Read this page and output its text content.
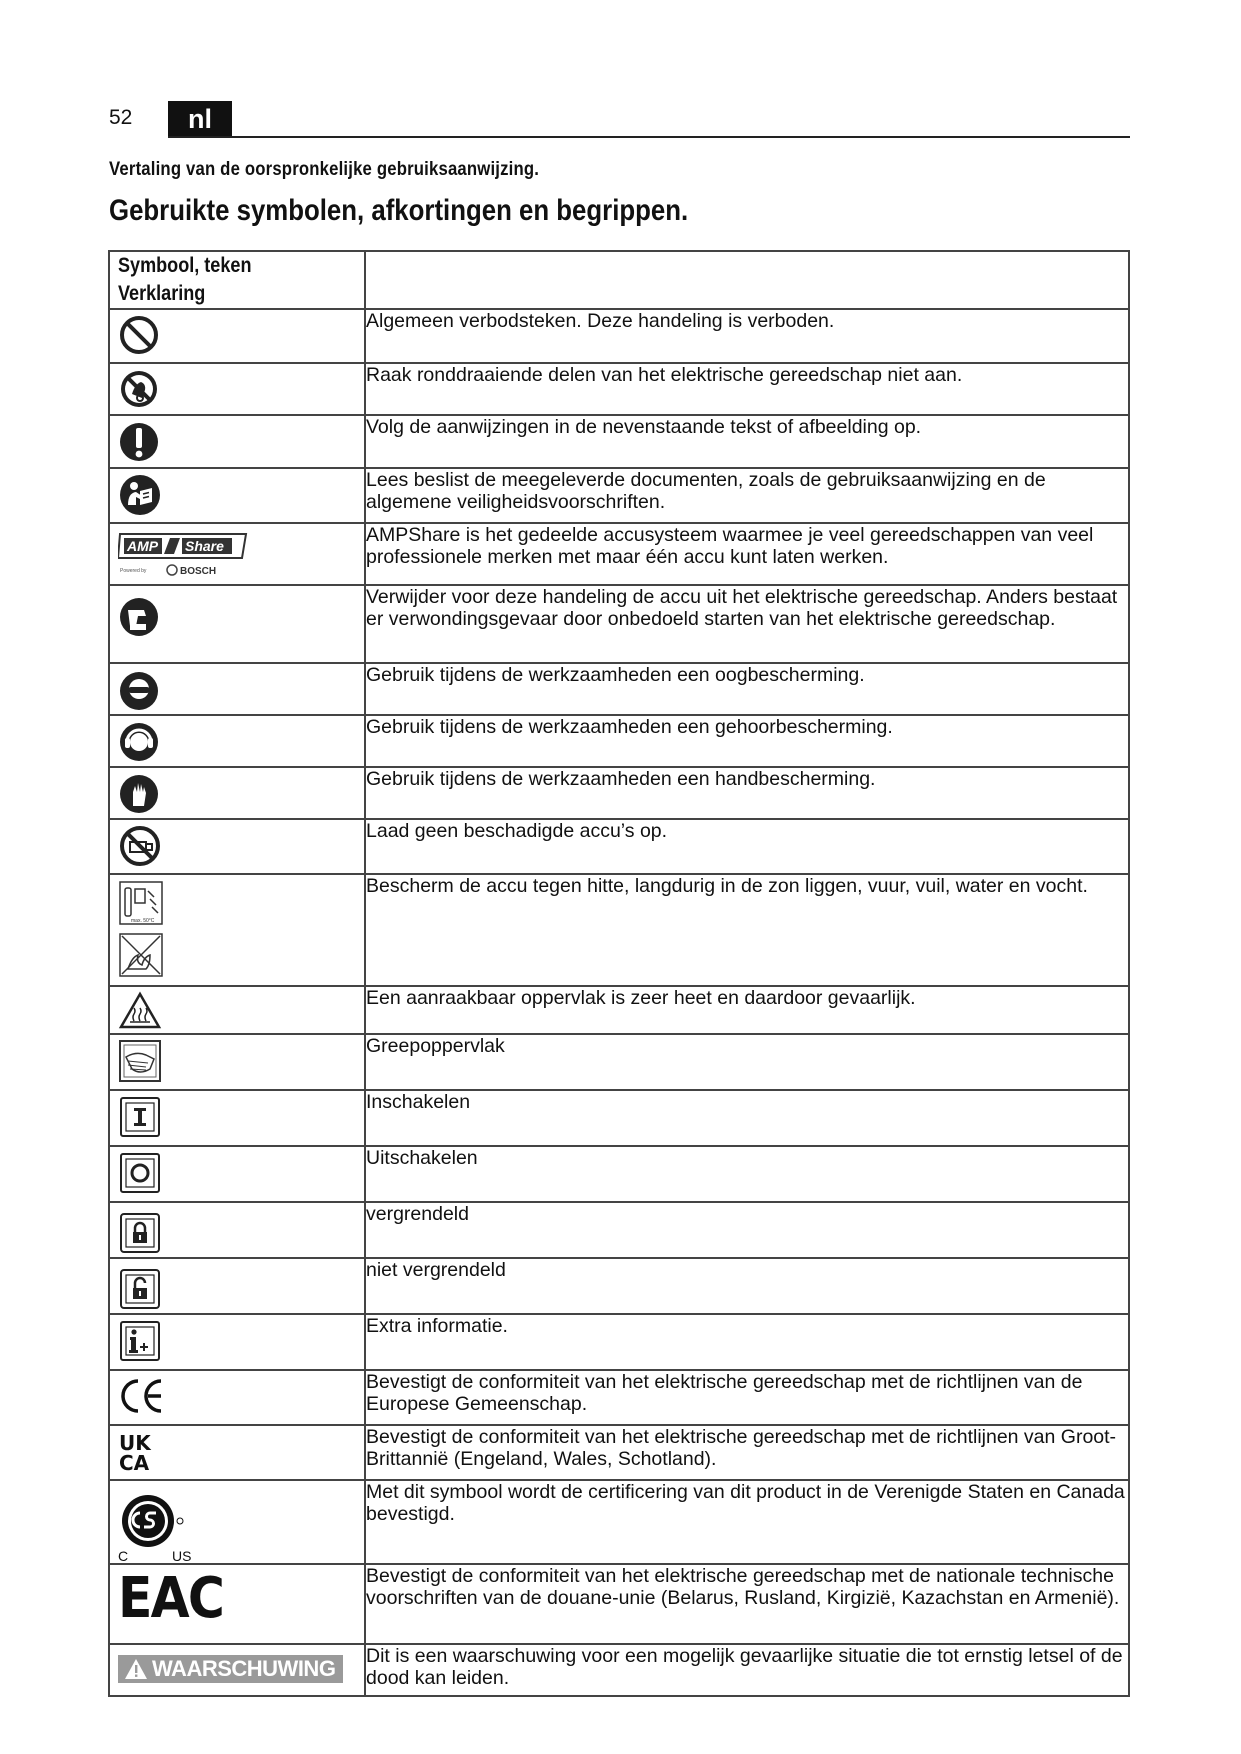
52	nl
Vertaling van de oorspronkelijke gebruiksaanwijzing.
Gebruikte symbolen, afkortingen en begrippen.
Symbool, teken Verklaring	

	Algemeen verbodsteken. Deze handeling is verboden.

	Raak ronddraaiende delen van het elektrische gereedschap niet aan.

	Volg de aanwijzingen in de nevenstaande tekst of afbeelding op.

	Lees beslist de meegeleverde documenten, zoals de gebruiksaanwijzing en de algemene veiligheidsvoorschriften.

AMP Share
Powered by BOSCH	AMPShare is het gedeelde accusysteem waarmee je veel gereedschappen van veel professionele merken met maar één accu kunt laten werken.

	Verwijder voor deze handeling de accu uit het elektrische gereedschap. Anders bestaat er verwondingsgevaar door onbedoeld starten van het elektrische gereedschap.

	Gebruik tijdens de werkzaamheden een oogbescherming.

	Gebruik tijdens de werkzaamheden een gehoorbescherming.

	Gebruik tijdens de werkzaamheden een handbescherming.

	Laad geen beschadigde accu’s op.

max. 50°C	Bescherm de accu tegen hitte, langdurig in de zon liggen, vuur, vuil, water en vocht.

	Een aanraakbaar oppervlak is zeer heet en daardoor gevaarlijk.

	Greepoppervlak

	Inschakelen

	Uitschakelen

	vergrendeld

	niet vergrendeld

	Extra informatie.

	Bevestigt de conformiteit van het elektrische gereedschap met de richtlijnen van de Europese Gemeenschap.

UK
CA	Bevestigt de conformiteit van het elektrische gereedschap met de richtlijnen van Groot-Brittannië (Engeland, Wales, Schotland).

C US	Met dit symbool wordt de certificering van dit product in de Verenigde Staten en Canada bevestigd.

EAC	Bevestigt de conformiteit van het elektrische gereedschap met de nationale technische voorschriften van de douane-unie (Belarus, Rusland, Kirgizië, Kazachstan en Armenië).

WAARSCHUWING	Dit is een waarschuwing voor een mogelijk gevaarlijke situatie die tot ernstig letsel of de dood kan leiden.
